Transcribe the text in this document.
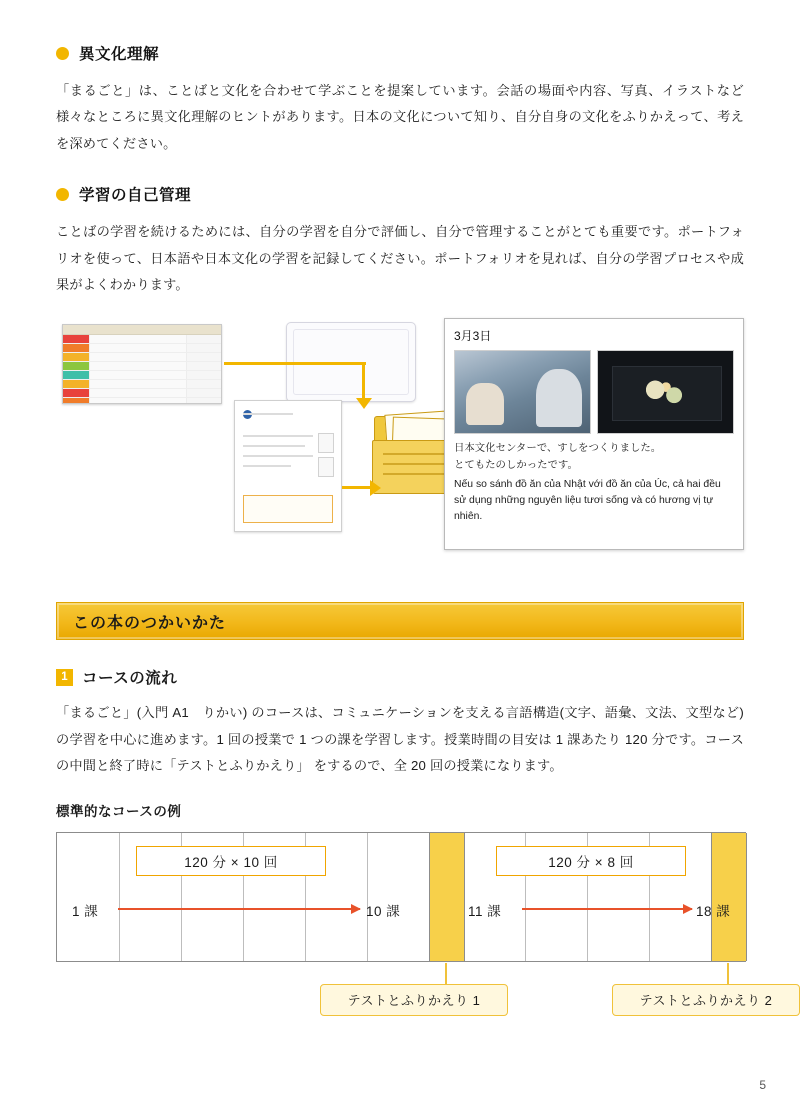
異文化理解

「まるごと」は、ことばと文化を合わせて学ぶことを提案しています。会話の場面や内容、写真、イラストなど様々なところに異文化理解のヒントがあります。日本の文化について知り、自分自身の文化をふりかえって、考えを深めてください。

学習の自己管理

ことばの学習を続けるためには、自分の学習を自分で評価し、自分で管理することがとても重要です。ポートフォリオを使って、日本語や日本文化の学習を記録してください。ポートフォリオを見れば、自分の学習プロセスや成果がよくわかります。

3月3日
日本文化センターで、すしをつくりました。
とてもたのしかったです。
Nếu so sánh đồ ăn của Nhật với đồ ăn của Úc, cả hai đều sử dụng những nguyên liệu tươi sống và có hương vị tự nhiên.
この本のつかいかた
1 コースの流れ

「まるごと」(入門 A1　りかい) のコースは、コミュニケーションを支える言語構造(文字、語彙、文法、文型など) の学習を中心に進めます。1 回の授業で 1 つの課を学習します。授業時間の目安は 1 課あたり 120 分です。コースの中間と終了時に「テストとふりかえり」 をするので、全 20 回の授業になります。

標準的なコースの例
120 分 × 10 回
1 課	10 課
120 分 × 8 回
11 課	18 課
テストとふりかえり 1	テストとふりかえり 2
5
